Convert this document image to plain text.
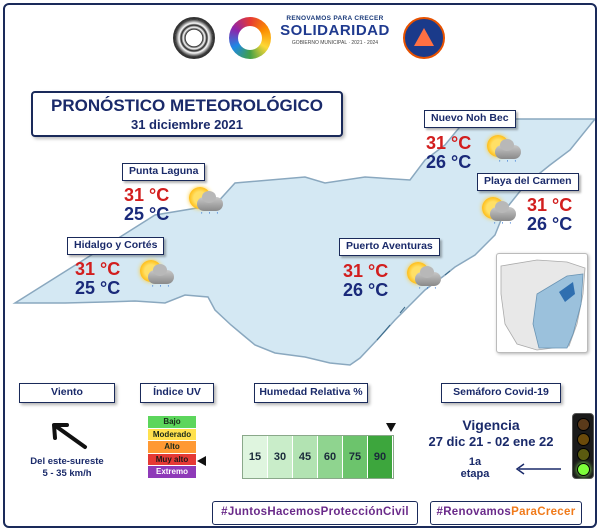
RENOVAMOS PARA CRECER
SOLIDARIDAD
GOBIERNO MUNICIPAL · 2021 - 2024
PRONÓSTICO METEOROLÓGICO
31 diciembre 2021
Punta Laguna
31 °C
25 °C	' ' '
Hidalgo y Cortés
31 °C
25 °C	' ' '
Nuevo Noh Bec
31 °C
26 °C	' ' '
Playa del Carmen
31 °C
26 °C
' ' '
Puerto Aventuras
31 °C
26 °C	' ' '
Viento
Del este-sureste
5 - 35 km/h
Índice UV
Bajo
Moderado
Alto
Muy alto
Extremo
Humedad Relativa %
15	30	45	60	75	90
Semáforo Covid-19
Vigencia
27 dic 21 - 02 ene 22
1a
etapa
#JuntosHacemosProtecciónCivil	#RenovamosParaCrecer
